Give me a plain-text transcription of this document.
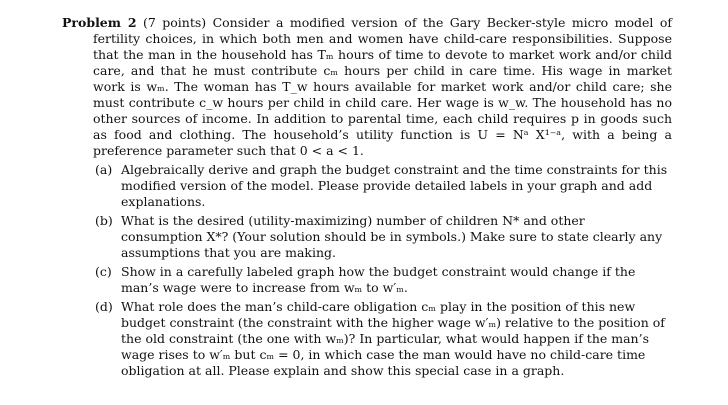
Problem 2 (7 points) Consider a modified version of the Gary Becker-style micro model of fertility choices, in which both men and women have child-care responsibilities. Suppose that the man in the household has Tₘ hours of time to devote to market work and/or child care, and that he must contribute cₘ hours per child in care time. His wage in market work is wₘ. The woman has T_w hours available for market work and/or child care; she must contribute c_w hours per child in child care. Her wage is w_w. The household has no other sources of income. In addition to parental time, each child requires p in goods such as food and clothing. The household’s utility function is U = Nᵃ X¹⁻ᵃ, with a being a preference parameter such that 0 < a < 1.

(a) Algebraically derive and graph the budget constraint and the time constraints for this modified version of the model. Please provide detailed labels in your graph and add explanations.
(b) What is the desired (utility-maximizing) number of children N* and other consumption X*? (Your solution should be in symbols.) Make sure to state clearly any assumptions that you are making.
(c) Show in a carefully labeled graph how the budget constraint would change if the man’s wage were to increase from wₘ to w′ₘ.
(d) What role does the man’s child-care obligation cₘ play in the position of this new budget constraint (the constraint with the higher wage w′ₘ) relative to the position of the old constraint (the one with wₘ)? In particular, what would happen if the man’s wage rises to w′ₘ but cₘ = 0, in which case the man would have no child-care time obligation at all. Please explain and show this special case in a graph.
